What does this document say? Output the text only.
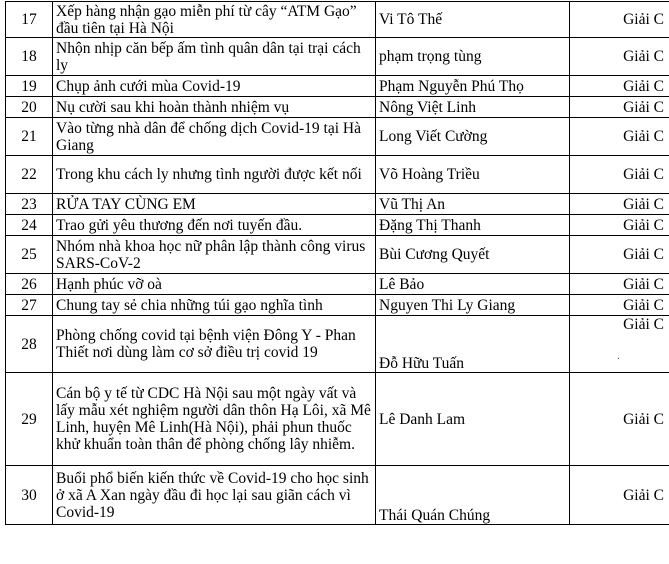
17	Xếp hàng nhận gạo miễn phí từ cây “ATM Gạo” đầu tiên tại Hà Nội	Vi Tô Thế	Giải C
18	Nhộn nhịp căn bếp ấm tình quân dân tại trại cách ly	phạm trọng tùng	Giải C
19	Chụp ảnh cưới mùa Covid-19	Phạm Nguyễn Phú Thọ	Giải C
20	Nụ cười sau khi hoàn thành nhiệm vụ	Nông Việt Linh	Giải C
21	Vào từng nhà dân để chống dịch Covid-19 tại Hà Giang	Long Viết Cường	Giải C
22	Trong khu cách ly nhưng tình người được kết nối	Võ Hoàng Triều	Giải C
23	RỬA TAY CÙNG EM	Vũ Thị An	Giải C
24	Trao gửi yêu thương đến nơi tuyến đầu.	Đặng Thị Thanh	Giải C
25	Nhóm nhà khoa học nữ phân lập thành công virus SARS-CoV-2	Bùi Cương Quyết	Giải C
26	Hạnh phúc vỡ oà	Lê Bảo	Giải C
27	Chung tay sẻ chia những túi gạo nghĩa tình	Nguyen Thi Ly Giang	Giải C
28	Phòng chống covid tại bệnh viện Đông Y - Phan Thiết nơi dùng làm cơ sở điều trị covid 19	Đỗ Hữu Tuấn	Giải C
.

29	Cán bộ y tế từ CDC Hà Nội sau một ngày vất và lấy mẫu xét nghiệm người dân thôn Hạ Lôi, xã Mê Linh, huyện Mê Linh(Hà Nội), phải phun thuốc khử khuẩn toàn thân để phòng chống lây nhiễm.	Lê Danh Lam	Giải C
30	Buổi phổ biến kiến thức về Covid-19 cho học sinh ở xã A Xan ngày đầu đi học lại sau giãn cách vì Covid-19	Thái Quán Chúng	Giải C
